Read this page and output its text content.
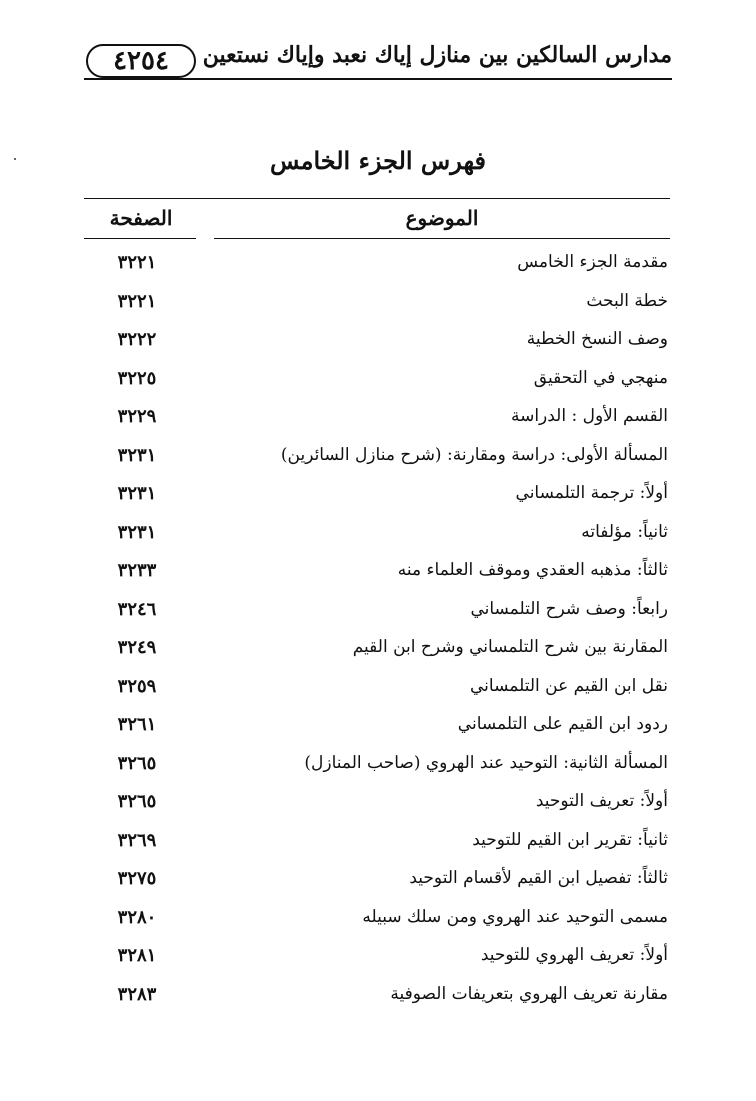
٤٢٥٤	مدارس السالكين بين منازل إياك نعبد وإياك نستعين
فهرس الجزء الخامس
الصفحة	الموضوع
مقدمة الجزء الخامس
٣٢٢١
خطة البحث
٣٢٢١
وصف النسخ الخطية
٣٢٢٢
منهجي في التحقيق
٣٢٢٥
القسم الأول : الدراسة
٣٢٢٩
المسألة الأولى: دراسة ومقارنة: (شرح منازل السائرين)
٣٢٣١
أولاً: ترجمة التلمساني
٣٢٣١
ثانياً: مؤلفاته
٣٢٣١
ثالثاً: مذهبه العقدي وموقف العلماء منه
٣٢٣٣
رابعاً: وصف شرح التلمساني
٣٢٤٦
المقارنة بين شرح التلمساني وشرح ابن القيم
٣٢٤٩
نقل ابن القيم عن التلمساني
٣٢٥٩
ردود ابن القيم على التلمساني
٣٢٦١
المسألة الثانية: التوحيد عند الهروي (صاحب المنازل)
٣٢٦٥
أولاً: تعريف التوحيد
٣٢٦٥
ثانياً: تقرير ابن القيم للتوحيد
٣٢٦٩
ثالثاً: تفصيل ابن القيم لأقسام التوحيد
٣٢٧٥
مسمى التوحيد عند الهروي ومن سلك سبيله
٣٢٨٠
أولاً: تعريف الهروي للتوحيد
٣٢٨١
مقارنة تعريف الهروي بتعريفات الصوفية
٣٢٨٣
